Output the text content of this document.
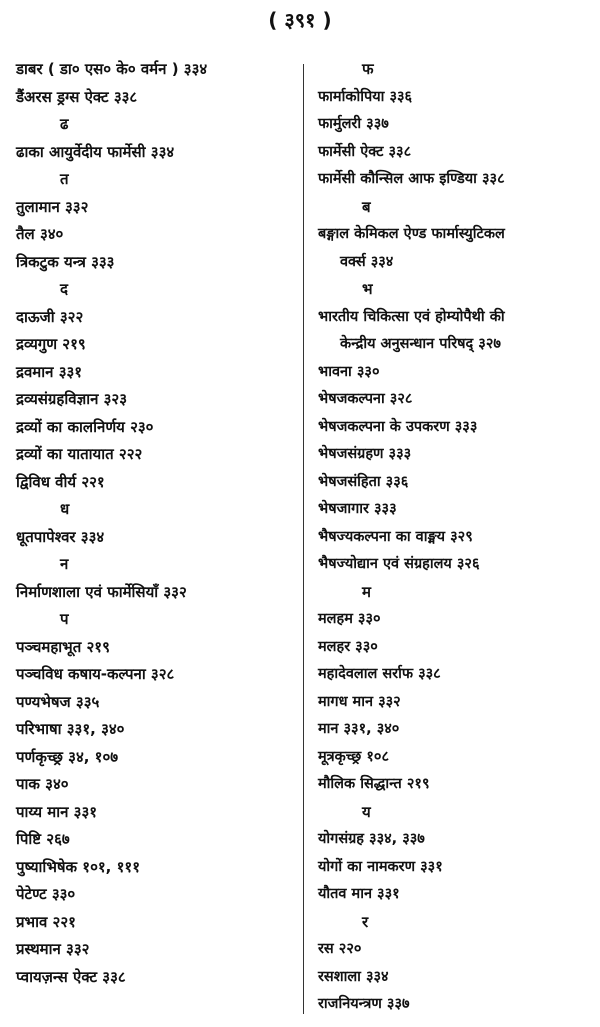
( ३९१ )
डाबर ( डा० एस० के० वर्मन ) ३३४
डैंअरस ड्रग्स ऐक्ट ३३८
ढ
ढाका आयुर्वेदीय फार्मेसी ३३४
त
तुलामान ३३२
तैल ३४०
त्रिकटुक यन्त्र ३३३
द
दाऊजी ३२२
द्रव्यगुण २१९
द्रवमान ३३१
द्रव्यसंग्रहविज्ञान ३२३
द्रव्यों का कालनिर्णय २३०
द्रव्यों का यातायात २२२
द्विविध वीर्य २२१
ध
धूतपापेश्वर ३३४
न
निर्माणशाला एवं फार्मेसियाँ ३३२
प
पञ्चमहाभूत २१९
पञ्चविध कषाय-कल्पना ३२८
पण्यभेषज ३३५
परिभाषा ३३१, ३४०
पर्णकृच्छ्र ३४, १०७
पाक ३४०
पाय्य मान ३३१
पिष्टि २६७
पुष्याभिषेक १०१, १११
पेटेण्ट ३३०
प्रभाव २२१
प्रस्थमान ३३२
प्वायज़न्स ऐक्ट ३३८
फ
फार्माकोपिया ३३६
फार्मुलरी ३३७
फार्मेसी ऐक्ट ३३८
फार्मेसी कौन्सिल आफ इण्डिया ३३८
ब
बङ्गाल केमिकल ऐण्ड फार्मास्युटिकल
वर्क्स ३३४
भ
भारतीय चिकित्सा एवं होम्योपैथी की
केन्द्रीय अनुसन्धान परिषद् ३२७
भावना ३३०
भेषजकल्पना ३२८
भेषजकल्पना के उपकरण ३३३
भेषजसंग्रहण ३३३
भेषजसंहिता ३३६
भेषजागार ३३३
भैषज्यकल्पना का वाङ्मय ३२९
भैषज्योद्यान एवं संग्रहालय ३२६
म
मलहम ३३०
मलहर ३३०
महादेवलाल सर्राफ ३३८
मागध मान ३३२
मान ३३१, ३४०
मूत्रकृच्छ्र १०८
मौलिक सिद्धान्त २१९
य
योगसंग्रह ३३४, ३३७
योगों का नामकरण ३३१
यौतव मान ३३१
र
रस २२०
रसशाला ३३४
राजनियन्त्रण ३३७
